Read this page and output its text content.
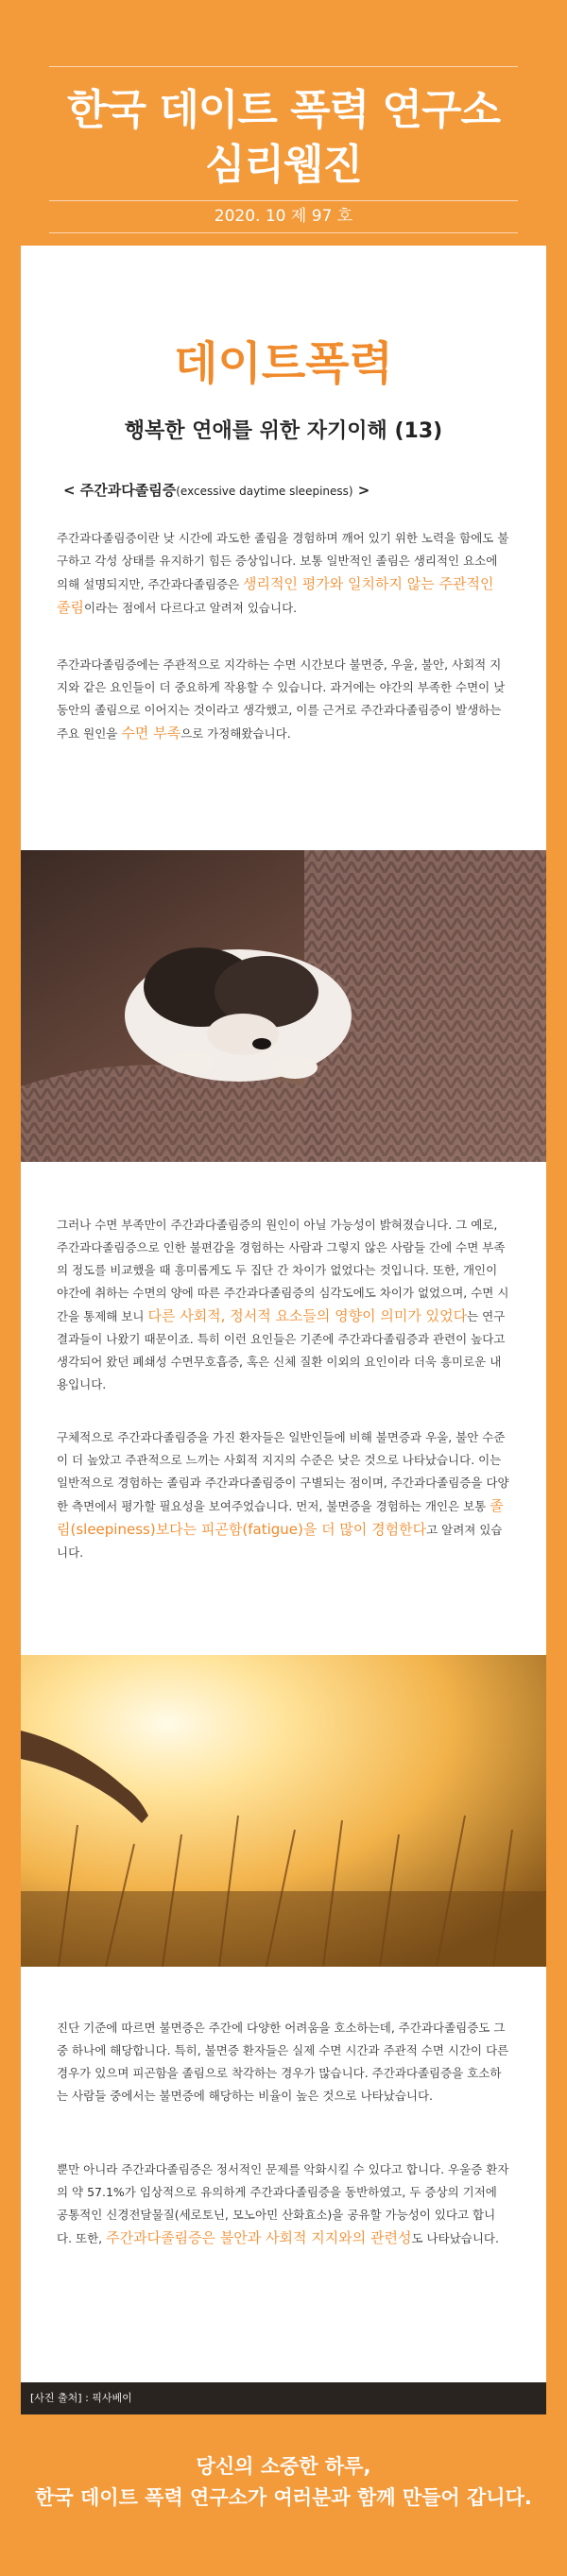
한국 데이트 폭력 연구소
심리웹진
2020. 10 제 97 호
데이트폭력
행복한 연애를 위한 자기이해 (13)
< 주간과다졸림증(excessive daytime sleepiness) >

주간과다졸림증이란 낮 시간에 과도한 졸림을 경험하며 깨어 있기 위한 노력을 함에도 불구하고 각성 상태를 유지하기 힘든 증상입니다. 보통 일반적인 졸림은 생리적인 요소에 의해 설명되지만, 주간과다졸림증은 생리적인 평가와 일치하지 않는 주관적인 졸림이라는 점에서 다르다고 알려져 있습니다.

주간과다졸림증에는 주관적으로 지각하는 수면 시간보다 불면증, 우울, 불안, 사회적 지지와 같은 요인들이 더 중요하게 작용할 수 있습니다. 과거에는 야간의 부족한 수면이 낮 동안의 졸림으로 이어지는 것이라고 생각했고, 이를 근거로 주간과다졸림증이 발생하는 주요 원인을 수면 부족으로 가정해왔습니다.

그러나 수면 부족만이 주간과다졸림증의 원인이 아닐 가능성이 밝혀졌습니다. 그 예로, 주간과다졸림증으로 인한 불편감을 경험하는 사람과 그렇지 않은 사람들 간에 수면 부족의 정도를 비교했을 때 흥미롭게도 두 집단 간 차이가 없었다는 것입니다. 또한, 개인이 야간에 취하는 수면의 양에 따른 주간과다졸림증의 심각도에도 차이가 없었으며, 수면 시간을 통제해 보니 다른 사회적, 정서적 요소들의 영향이 의미가 있었다는 연구결과들이 나왔기 때문이죠. 특히 이런 요인들은 기존에 주간과다졸림증과 관련이 높다고 생각되어 왔던 폐쇄성 수면무호흡증, 혹은 신체 질환 이외의 요인이라 더욱 흥미로운 내용입니다.

구체적으로 주간과다졸림증을 가진 환자들은 일반인들에 비해 불면증과 우울, 불안 수준이 더 높았고 주관적으로 느끼는 사회적 지지의 수준은 낮은 것으로 나타났습니다. 이는 일반적으로 경험하는 졸림과 주간과다졸림증이 구별되는 점이며, 주간과다졸림증을 다양한 측면에서 평가할 필요성을 보여주었습니다. 먼저, 불면증을 경험하는 개인은 보통 졸림(sleepiness)보다는 피곤함(fatigue)을 더 많이 경험한다고 알려져 있습니다.

진단 기준에 따르면 불면증은 주간에 다양한 어려움을 호소하는데, 주간과다졸림증도 그 중 하나에 해당합니다. 특히, 불면증 환자들은 실제 수면 시간과 주관적 수면 시간이 다른 경우가 있으며 피곤함을 졸림으로 착각하는 경우가 많습니다. 주간과다졸림증을 호소하는 사람들 중에서는 불면증에 해당하는 비율이 높은 것으로 나타났습니다.

뿐만 아니라 주간과다졸림증은 정서적인 문제를 악화시킬 수 있다고 합니다. 우울증 환자의 약 57.1%가 임상적으로 유의하게 주간과다졸림증을 동반하였고, 두 증상의 기저에 공통적인 신경전달물질(세로토닌, 모노아민 산화효소)을 공유할 가능성이 있다고 합니다. 또한, 주간과다졸림증은 불안과 사회적 지지와의 관련성도 나타났습니다.

[사진 출처] : 픽사베이
당신의 소중한 하루,
한국 데이트 폭력 연구소가 여러분과 함께 만들어 갑니다.
